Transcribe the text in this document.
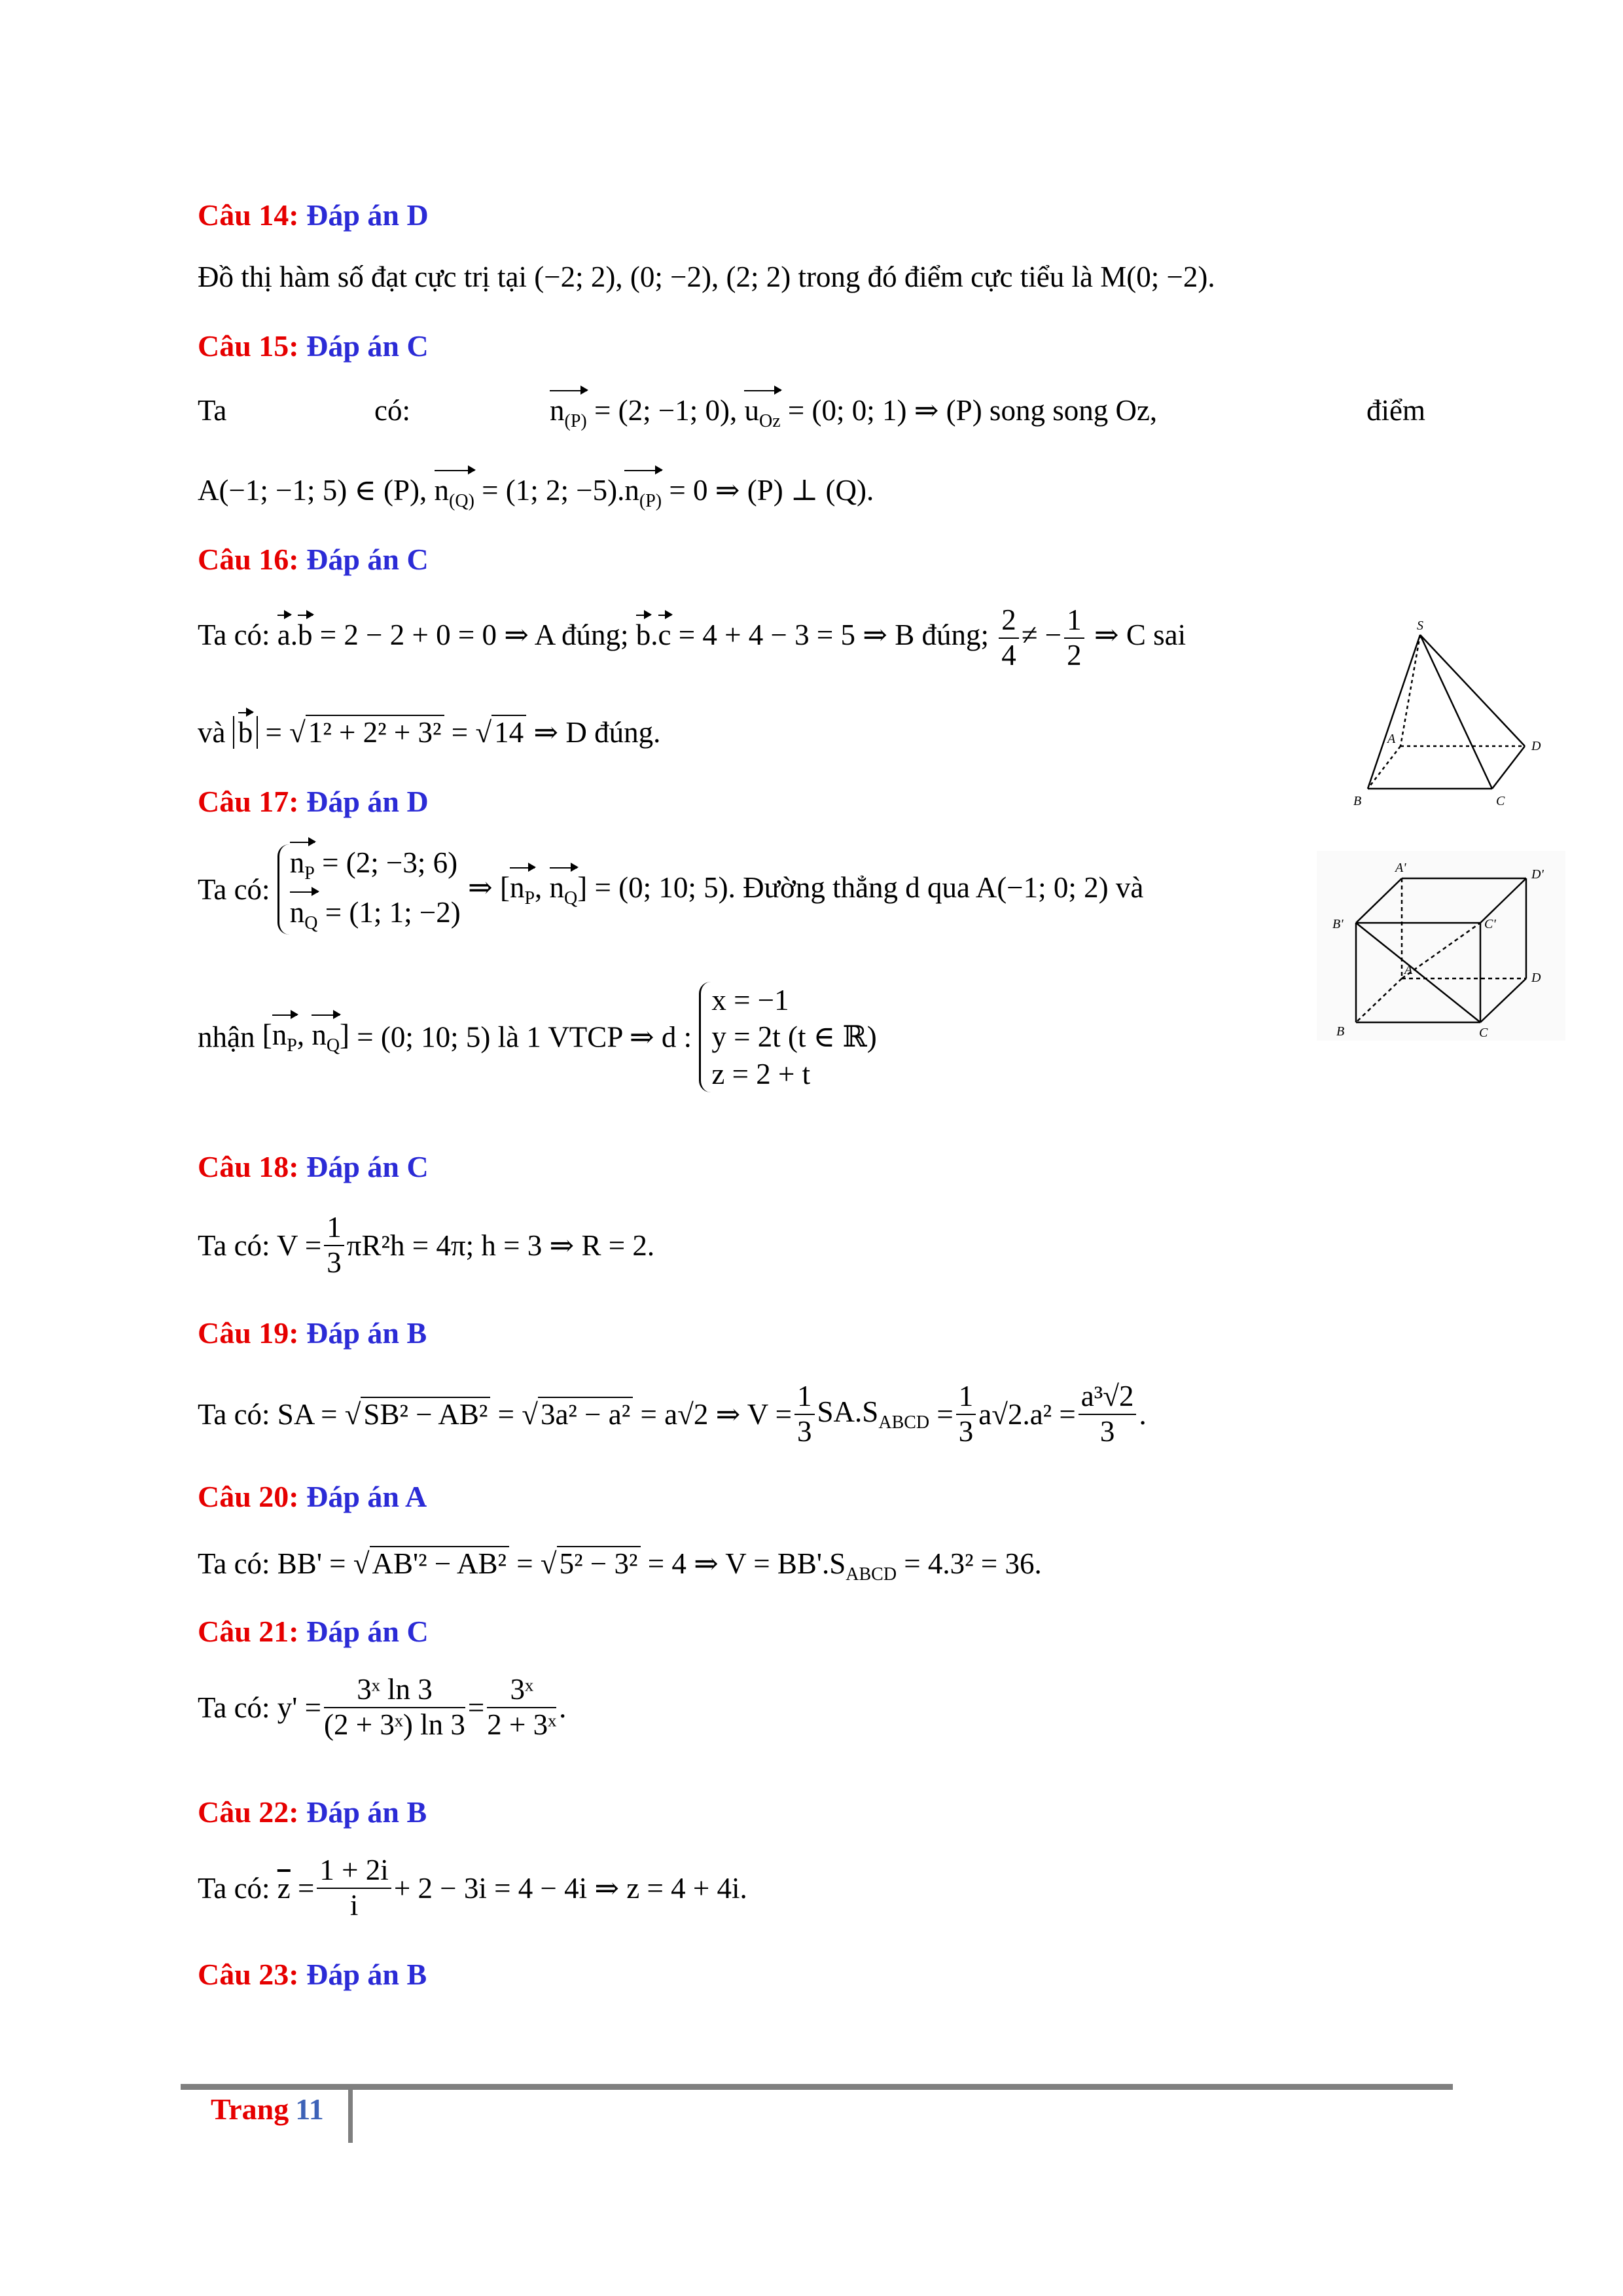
Câu 14: Đáp án D
Đồ thị hàm số đạt cực trị tại (−2; 2), (0; −2), (2; 2) trong đó điểm cực tiểu là M(0; −2).
Câu 15: Đáp án C
Ta	có:	$n_{(P)} = (2$; −1; 0), $u_{Oz} = (0$; 0; 1) ⇒ (P) song song Oz,	điểm
A(−1; −1; 5) ∈ (P), $n_{(Q)} = (1$; 2; $-5).n_{(P)} = 0$ ⇒ (P) ⊥ (Q).
Câu 16: Đáp án C
Ta có: a.b = 2 − 2 + 0 = 0 ⇒ A đúng; b.c = 4 + 4 − 3 = 5 ⇒ B đúng; $\frac{2}{4}$ ≠ − $\frac{1}{2}$ ⇒ C sai
và b = √1² + 2² + 3² = √14 ⇒ D đúng.
S
A
B	C
D
Câu 17: Đáp án D
Ta có:
$n_P = (2$; −3; 6)
$n_Q = (1$; 1; −2)
⇒ [$n_P$, $n_Q] = (0$; 10; 5). Đường thẳng d qua A(−1; 0; 2) và
nhận [$n_P$, $n_Q] = (0$; 10; 5) là 1 VTCP ⇒ d :
x = −1
y = 2t (t ∈ ℝ)
z = 2 + t
A'	D'
B'	C'
A
D
B	C
Câu 18: Đáp án C
Ta có: $V = \frac{1}{3} \pi R^2h = 4\pi$; h = 3 ⇒ R = 2.
Câu 19: Đáp án B
Ta có: SA = √SB² − AB² = √3a² − a² = a√2 ⇒ $V = \frac{1}{3} SA.S_{ABCD} = \frac{1}{3} a√2.a^2 = \frac{\text{a³√2}}{3}$ .
Câu 20: Đáp án A
Ta có: BB' = √AB'² − AB² = √5² − 3² = 4 ⇒ $V = BB'.S_{ABCD} = 4.3^2 = 36$.
Câu 21: Đáp án C
Ta có: $y' = \frac{\text{3ˣ ln 3}}{\text{(2 + 3ˣ) ln 3}} = \frac{\text{3ˣ}}{\text{2 + 3ˣ}}$ .
Câu 22: Đáp án B
Ta có: $\overline{z} = \frac{1 + 2i}{i} + 2 - 3i = 4 - 4i$ ⇒ z = 4 + 4i.
Câu 23: Đáp án B
Trang 11
